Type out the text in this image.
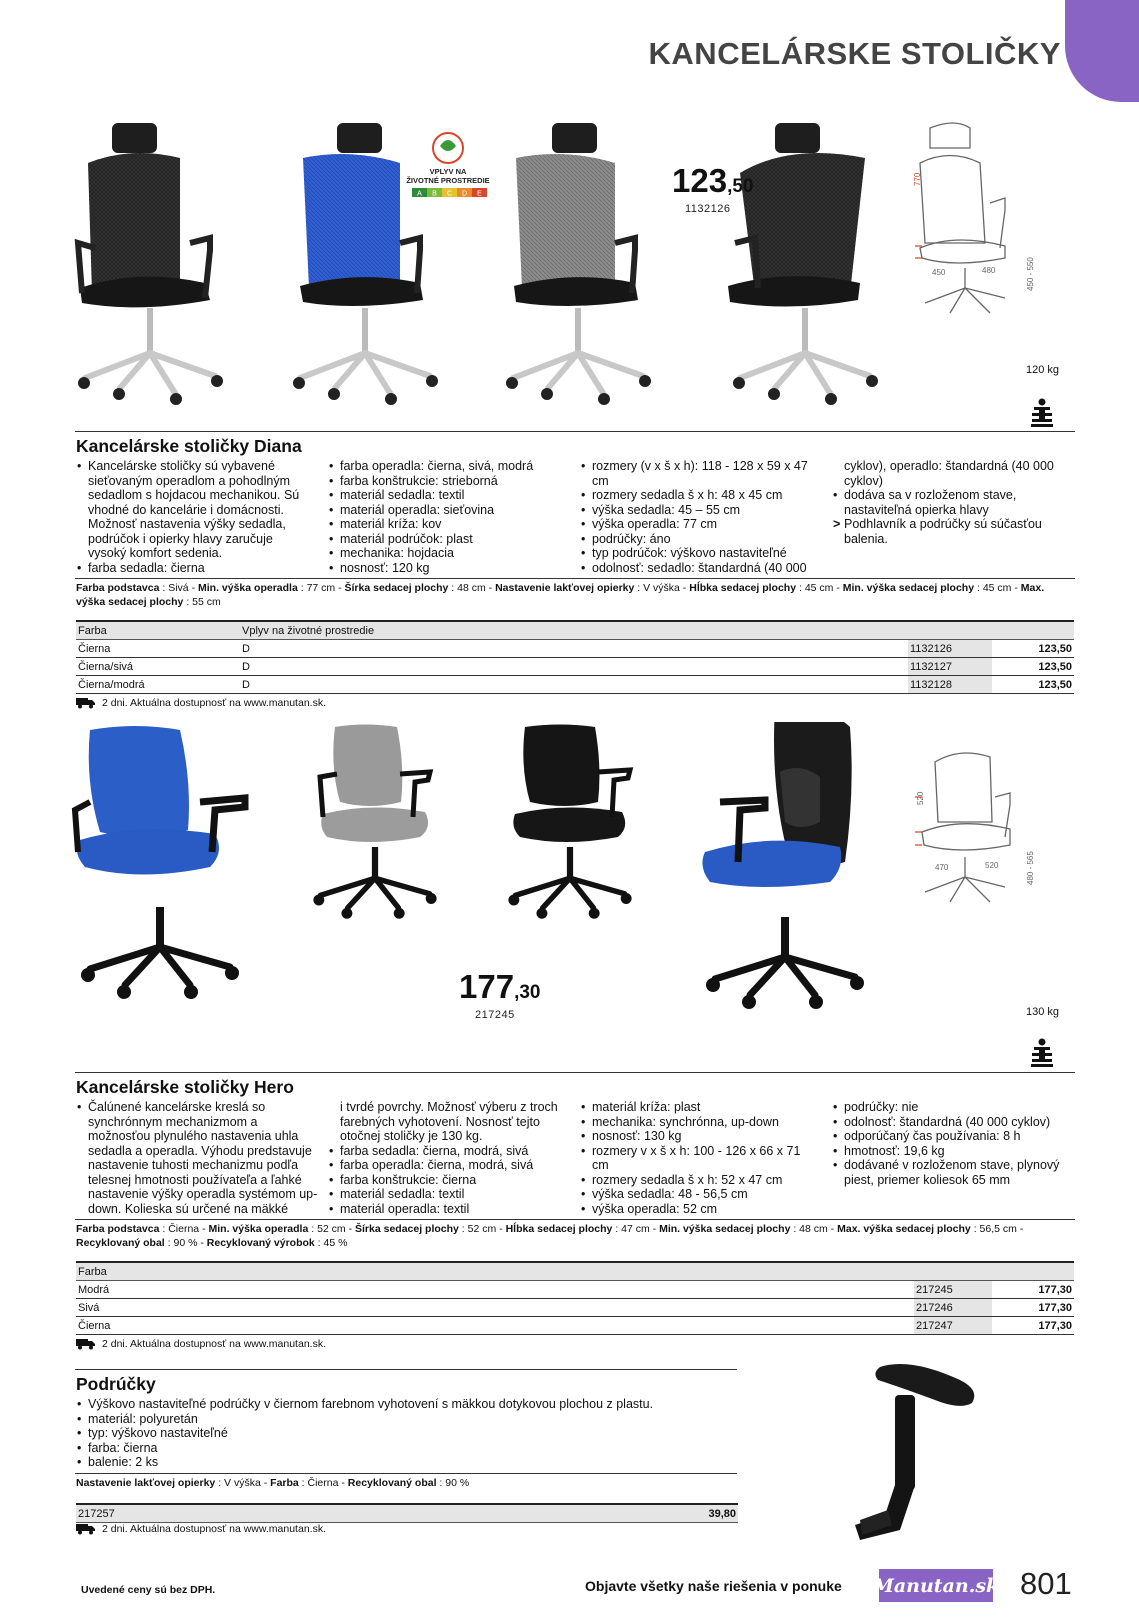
KANCELÁRSKE STOLIČKY
VPLYV NA
ŽIVOTNÉ PROSTREDIE
A B C D E
770
450	480	450 - 550
123,50
1132126
120 kg
Kancelárske stoličky Diana
• Kancelárske stoličky sú vybavené sieťovaným operadlom a pohodlným sedadlom s hojdacou mechanikou. Sú vhodné do kancelárie i domácnosti. Možnosť nastavenia výšky sedadla, podrúčok i opierky hlavy zaručuje vysoký komfort sedenia.
• farba sedadla: čierna
• farba operadla: čierna, sivá, modrá
• farba konštrukcie: strieborná
• materiál sedadla: textil
• materiál operadla: sieťovina
• materiál kríža: kov
• materiál podrúčok: plast
• mechanika: hojdacia
• nosnosť: 120 kg
• rozmery (v x š x h): 118 - 128 x 59 x 47 cm
• rozmery sedadla š x h: 48 x 45 cm
• výška sedadla: 45 – 55 cm
• výška operadla: 77 cm
• podrúčky: áno
• typ podrúčok: výškovo nastaviteľné
• odolnosť: sedadlo: štandardná (40 000
cyklov), operadlo: štandardná (40 000 cyklov)
• dodáva sa v rozloženom stave, nastaviteľná opierka hlavy
> Podhlavník a podrúčky sú súčasťou balenia.
Farba podstavca : Sivá - Min. výška operadla : 77 cm - Šírka sedacej plochy : 48 cm - Nastavenie lakťovej opierky : V výška - Hĺbka sedacej plochy : 45 cm - Min. výška sedacej plochy : 45 cm - Max. výška sedacej plochy : 55 cm
Farba	Vplyv na životné prostredie		
Čierna	D	1132126	123,50
Čierna/sivá	D	1132127	123,50
Čierna/modrá	D	1132128	123,50
2 dni. Aktuálna dostupnosť na www.manutan.sk.
520
470	520	480 - 565
177,30
217245	130 kg
Kancelárske stoličky Hero
• Čalúnené kancelárske kreslá so synchrónnym mechanizmom a možnosťou plynulého nastavenia uhla sedadla a operadla. Výhodu predstavuje nastavenie tuhosti mechanizmu podľa telesnej hmotnosti používateľa a ľahké nastavenie výšky operadla systémom up-down. Kolieska sú určené na mäkké
i tvrdé povrchy. Možnosť výberu z troch farebných vyhotovení. Nosnosť tejto otočnej stoličky je 130 kg.
• farba sedadla: čierna, modrá, sivá
• farba operadla: čierna, modrá, sivá
• farba konštrukcie: čierna
• materiál sedadla: textil
• materiál operadla: textil
• materiál kríža: plast
• mechanika: synchrónna, up-down
• nosnosť: 130 kg
• rozmery v x š x h: 100 - 126 x 66 x 71 cm
• rozmery sedadla š x h: 52 x 47 cm
• výška sedadla: 48 - 56,5 cm
• výška operadla: 52 cm
• podrúčky: nie
• odolnosť: štandardná (40 000 cyklov)
• odporúčaný čas používania: 8 h
• hmotnosť: 19,6 kg
• dodávané v rozloženom stave, plynový piest, priemer koliesok 65 mm
Farba podstavca : Čierna - Min. výška operadla : 52 cm - Šírka sedacej plochy : 52 cm - Hĺbka sedacej plochy : 47 cm - Min. výška sedacej plochy : 48 cm - Max. výška sedacej plochy : 56,5 cm - Recyklovaný obal : 90 % - Recyklovaný výrobok : 45 %
Farba			
Modrá		217245	177,30
Sivá		217246	177,30
Čierna		217247	177,30
2 dni. Aktuálna dostupnosť na www.manutan.sk.
Podrúčky
• Výškovo nastaviteľné podrúčky v čiernom farebnom vyhotovení s mäkkou dotykovou plochou z plastu.
• materiál: polyuretán
• typ: výškovo nastaviteľné
• farba: čierna
• balenie: 2 ks
Nastavenie lakťovej opierky : V výška - Farba : Čierna - Recyklovaný obal : 90 %
217257	39,80
2 dni. Aktuálna dostupnosť na www.manutan.sk.
Uvedené ceny sú bez DPH.	Objavte všetky naše riešenia v ponuke Manutan.sk 801
